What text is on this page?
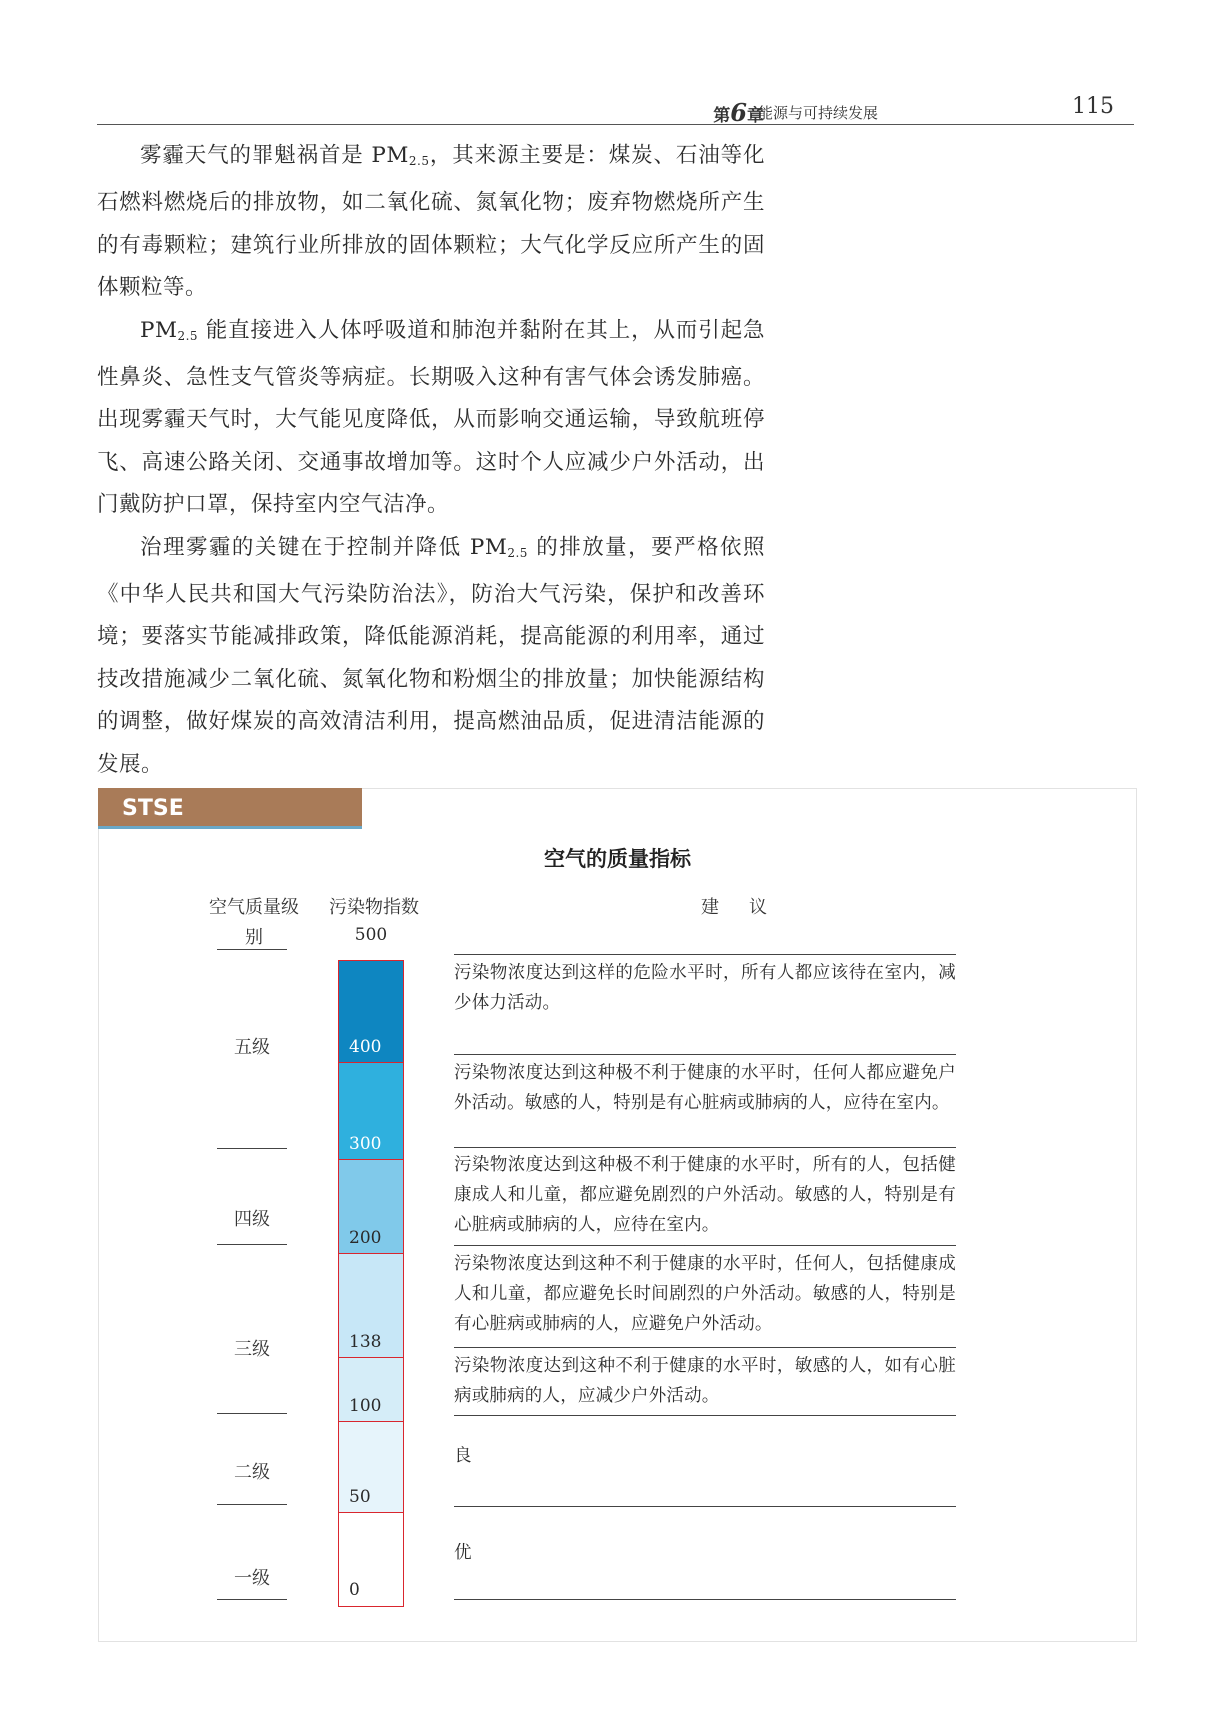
第6章
能源与可持续发展	115

雾霾天气的罪魁祸首是 $PM_{2.5}$，其来源主要是：煤炭、石油等化石燃料燃烧后的排放物，如二氧化硫、氮氧化物；废弃物燃烧所产生的有毒颗粒；建筑行业所排放的固体颗粒；大气化学反应所产生的固体颗粒等。

$PM_{2.5}$ 能直接进入人体呼吸道和肺泡并黏附在其上，从而引起急性鼻炎、急性支气管炎等病症。长期吸入这种有害气体会诱发肺癌。出现雾霾天气时，大气能见度降低，从而影响交通运输，导致航班停飞、高速公路关闭、交通事故增加等。这时个人应减少户外活动，出门戴防护口罩，保持室内空气洁净。

治理雾霾的关键在于控制并降低 $PM_{2.5}$ 的排放量，要严格依照《中华人民共和国大气污染防治法》，防治大气污染，保护和改善环境；要落实节能减排政策，降低能源消耗，提高能源的利用率，通过技改措施减少二氧化硫、氮氧化物和粉烟尘的排放量；加快能源结构的调整，做好煤炭的高效清洁利用，提高燃油品质，促进清洁能源的发展。

STSE
空气的质量指标
空气质量级别
污染物指数	建议
500
五级
四级
三级
二级
一级
400
300
200
138
100
50
0
污染物浓度达到这样的危险水平时，所有人都应该待在室内，减少体力活动。
污染物浓度达到这种极不利于健康的水平时，任何人都应避免户外活动。敏感的人，特别是有心脏病或肺病的人，应待在室内。
污染物浓度达到这种极不利于健康的水平时，所有的人，包括健康成人和儿童，都应避免剧烈的户外活动。敏感的人，特别是有心脏病或肺病的人，应待在室内。
污染物浓度达到这种不利于健康的水平时，任何人，包括健康成人和儿童，都应避免长时间剧烈的户外活动。敏感的人，特别是有心脏病或肺病的人，应避免户外活动。
污染物浓度达到这种不利于健康的水平时，敏感的人，如有心脏病或肺病的人，应减少户外活动。
良
优
